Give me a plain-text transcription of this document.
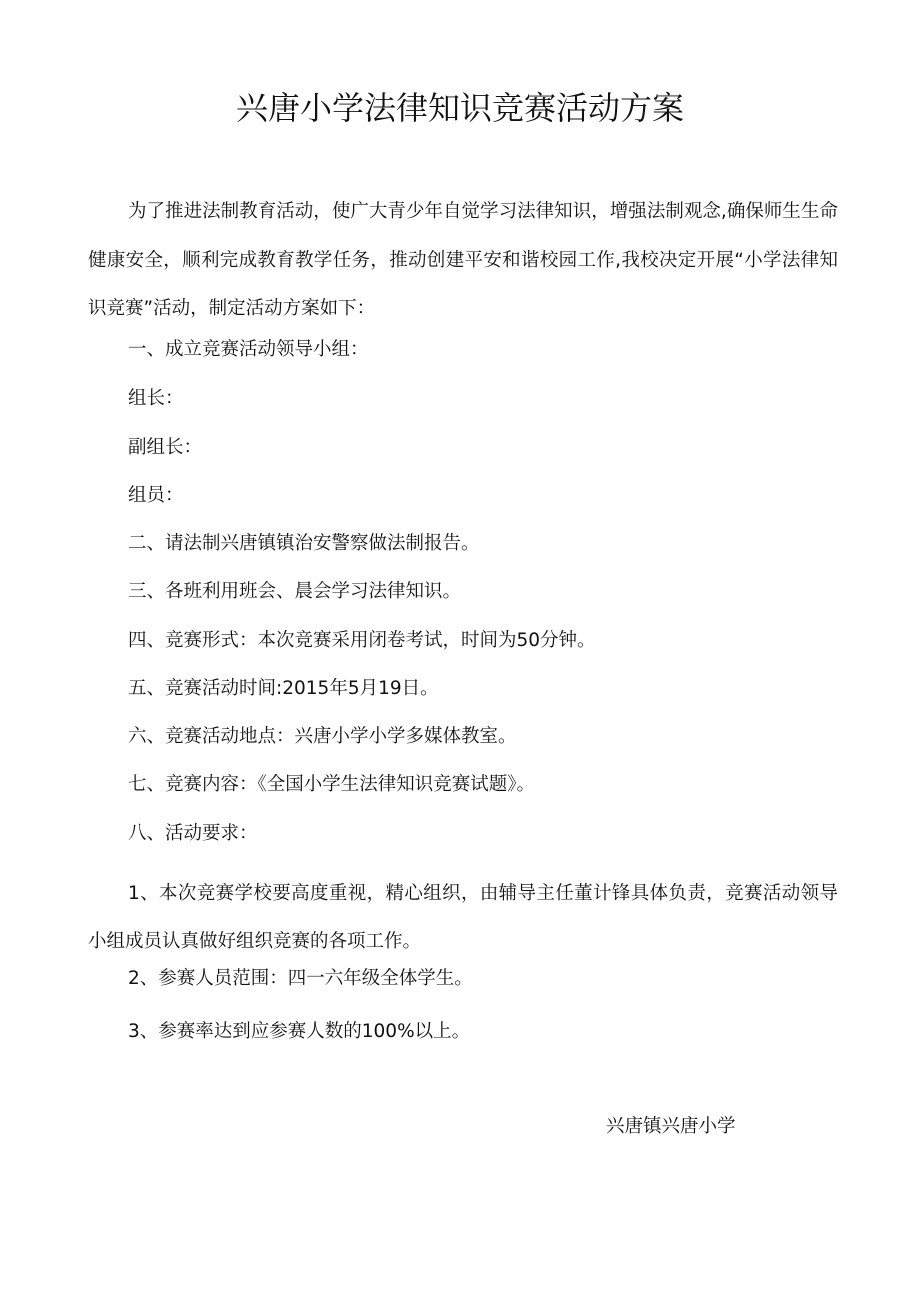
兴唐小学法律知识竞赛活动方案

为了推进法制教育活动，使广大青少年自觉学习法律知识，增强法制观念,确保师生生命健康安全，顺利完成教育教学任务，推动创建平安和谐校园工作,我校决定开展“小学法律知识竞赛”活动，制定活动方案如下：

一、成立竞赛活动领导小组：

组长：

副组长：

组员：

二、请法制兴唐镇镇治安警察做法制报告。

三、各班利用班会、晨会学习法律知识。

四、竞赛形式：本次竞赛采用闭卷考试，时间为50分钟。

五、竞赛活动时间:2015年5月19日。

六、竞赛活动地点：兴唐小学小学多媒体教室。

七、竞赛内容：《全国小学生法律知识竞赛试题》。

八、活动要求：

1、本次竞赛学校要高度重视，精心组织，由辅导主任董计锋具体负责，竞赛活动领导小组成员认真做好组织竞赛的各项工作。

2、参赛人员范围：四一六年级全体学生。

3、参赛率达到应参赛人数的100%以上。

兴唐镇兴唐小学
